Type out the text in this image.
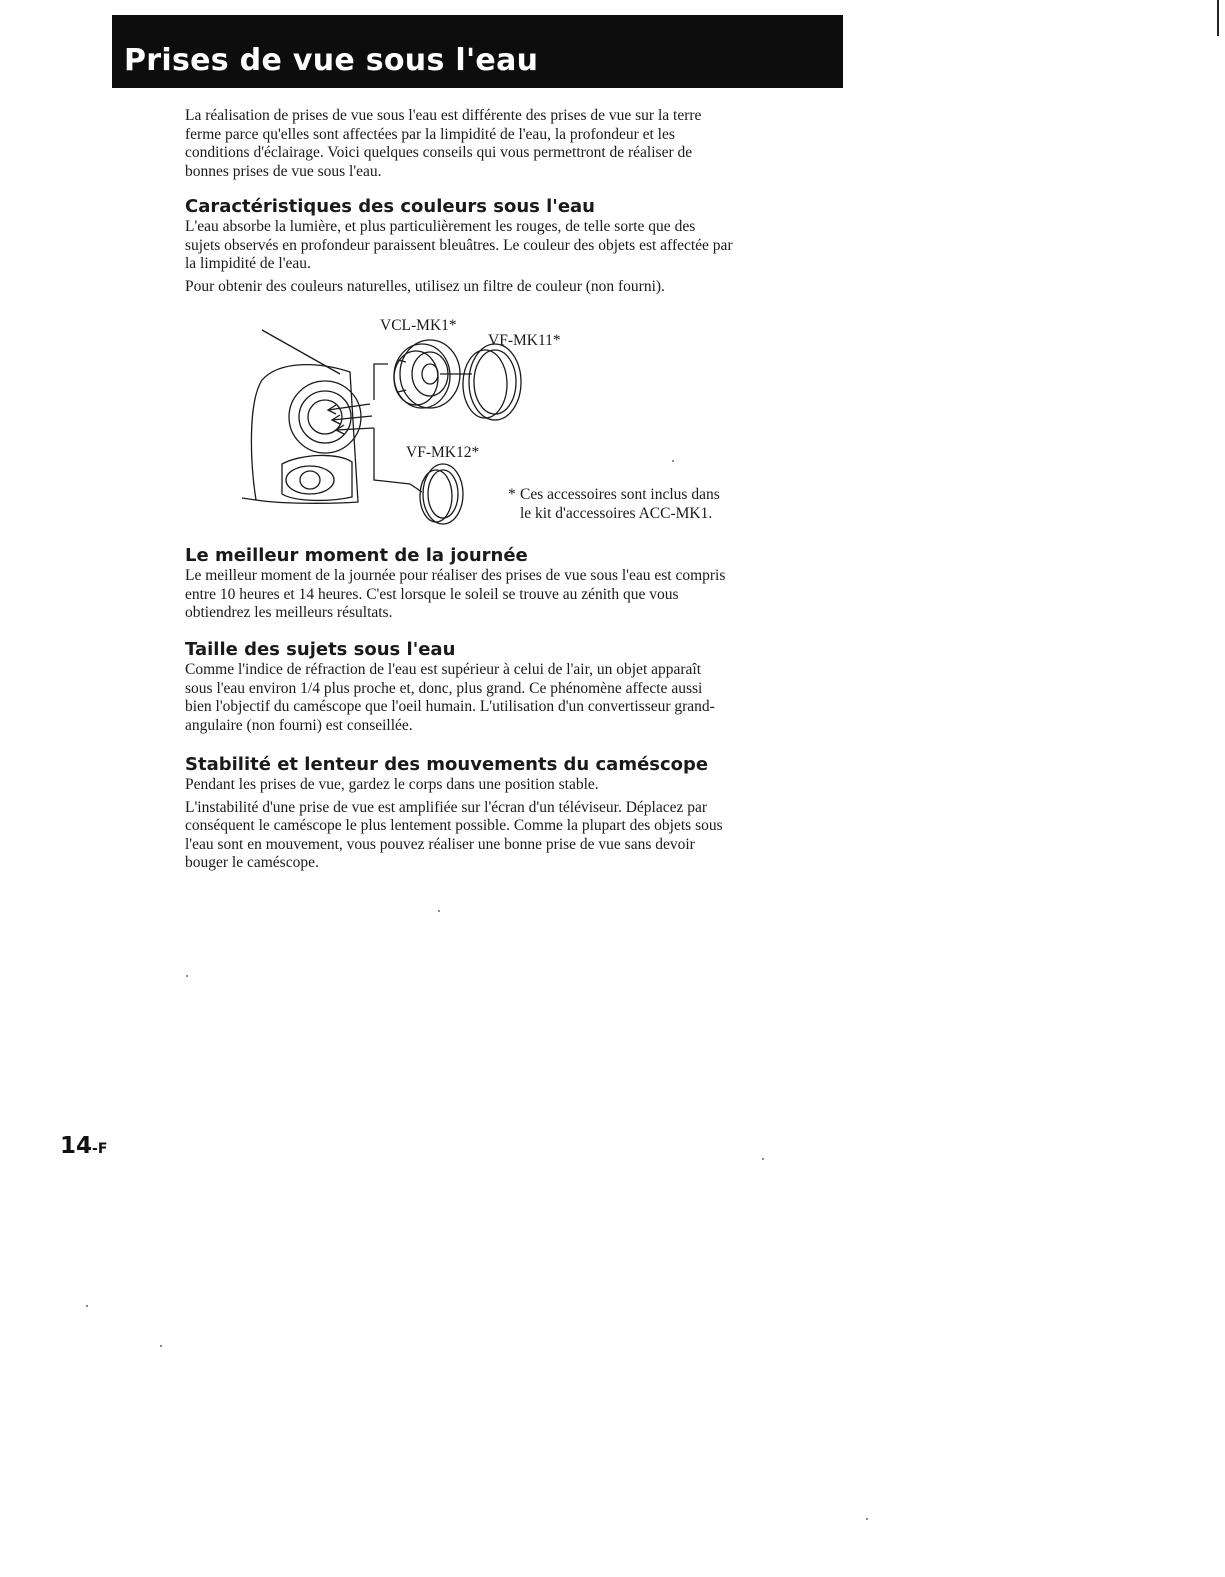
Prises de vue sous l'eau

La réalisation de prises de vue sous l'eau est différente des prises de vue sur la terre

ferme parce qu'elles sont affectées par la limpidité de l'eau, la profondeur et les

conditions d'éclairage. Voici quelques conseils qui vous permettront de réaliser de

bonnes prises de vue sous l'eau.

Caractéristiques des couleurs sous l'eau

L'eau absorbe la lumière, et plus particulièrement les rouges, de telle sorte que des

sujets observés en profondeur paraissent bleuâtres. Le couleur des objets est affectée par

la limpidité de l'eau.

Pour obtenir des couleurs naturelles, utilisez un filtre de couleur (non fourni).

VCL-MK1*
VF-MK11*
VF-MK12*
* Ces accessoires sont inclus dans
le kit d'accessoires ACC-MK1.
Le meilleur moment de la journée

Le meilleur moment de la journée pour réaliser des prises de vue sous l'eau est compris

entre 10 heures et 14 heures. C'est lorsque le soleil se trouve au zénith que vous

obtiendrez les meilleurs résultats.

Taille des sujets sous l'eau

Comme l'indice de réfraction de l'eau est supérieur à celui de l'air, un objet apparaît

sous l'eau environ 1/4 plus proche et, donc, plus grand. Ce phénomène affecte aussi

bien l'objectif du caméscope que l'oeil humain. L'utilisation d'un convertisseur grand-

angulaire (non fourni) est conseillée.

Stabilité et lenteur des mouvements du caméscope

Pendant les prises de vue, gardez le corps dans une position stable.

L'instabilité d'une prise de vue est amplifiée sur l'écran d'un téléviseur. Déplacez par

conséquent le caméscope le plus lentement possible. Comme la plupart des objets sous

l'eau sont en mouvement, vous pouvez réaliser une bonne prise de vue sans devoir

bouger le caméscope.

14-F
